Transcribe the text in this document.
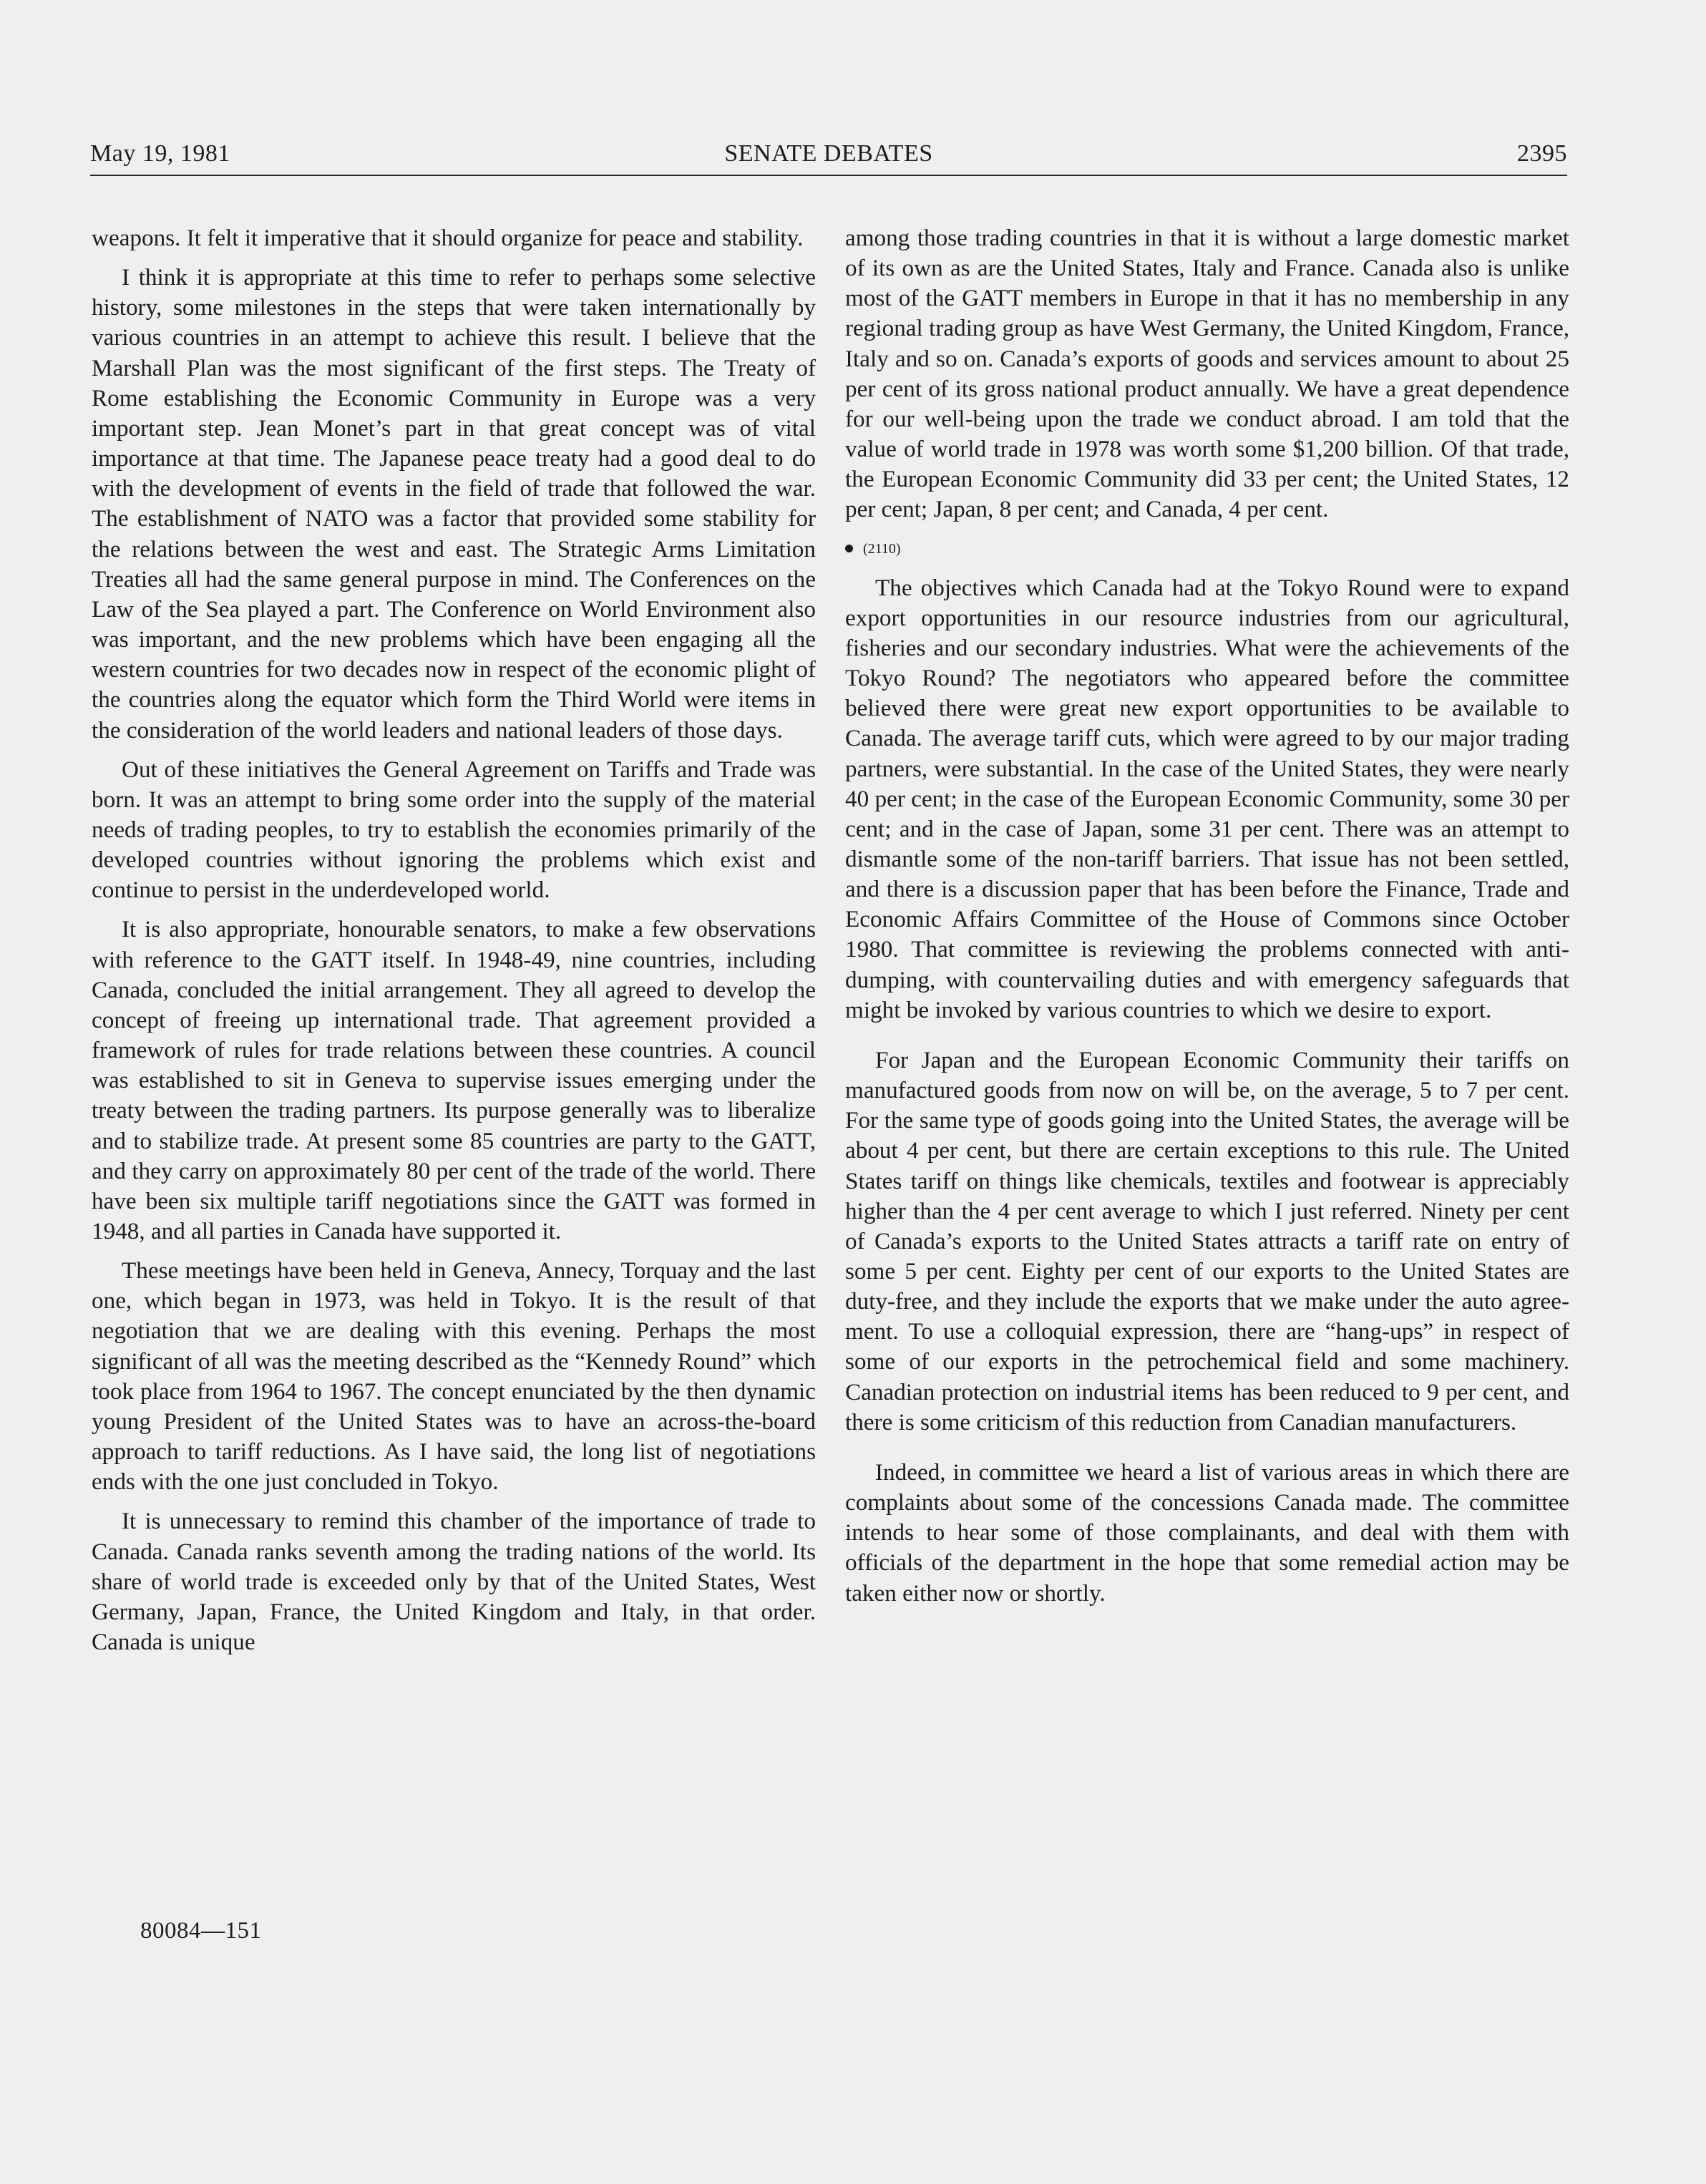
SENATE DEBATES
May 19, 1981	2395

weapons. It felt it imperative that it should organize for peace and stability.

I think it is appropriate at this time to refer to perhaps some selective history, some milestones in the steps that were taken internationally by various countries in an attempt to achieve this result. I believe that the Marshall Plan was the most significant of the first steps. The Treaty of Rome establishing the Economic Community in Europe was a very important step. Jean Monet’s part in that great concept was of vital importance at that time. The Japanese peace treaty had a good deal to do with the development of events in the field of trade that followed the war. The establishment of NATO was a factor that provided some stability for the relations between the west and east. The Strategic Arms Limitation Treaties all had the same general purpose in mind. The Conferences on the Law of the Sea played a part. The Conference on World Environment also was important, and the new problems which have been engaging all the western countries for two decades now in respect of the economic plight of the countries along the equator which form the Third World were items in the consideration of the world leaders and national leaders of those days.

Out of these initiatives the General Agreement on Tariffs and Trade was born. It was an attempt to bring some order into the supply of the material needs of trading peoples, to try to establish the economies primarily of the developed countries without ignoring the problems which exist and continue to persist in the underdeveloped world.

It is also appropriate, honourable senators, to make a few observations with reference to the GATT itself. In 1948-49, nine countries, including Canada, concluded the initial arrangement. They all agreed to develop the concept of freeing up international trade. That agreement provided a framework of rules for trade relations between these countries. A council was established to sit in Geneva to supervise issues emerging under the treaty between the trading partners. Its purpose generally was to liberalize and to stabilize trade. At present some 85 countries are party to the GATT, and they carry on approximately 80 per cent of the trade of the world. There have been six multiple tariff negotiations since the GATT was formed in 1948, and all parties in Canada have supported it.

These meetings have been held in Geneva, Annecy, Torquay and the last one, which began in 1973, was held in Tokyo. It is the result of that negotiation that we are dealing with this evening. Perhaps the most significant of all was the meeting described as the “Kennedy Round” which took place from 1964 to 1967. The concept enunciated by the then dynamic young President of the United States was to have an across-the-board approach to tariff reductions. As I have said, the long list of negotiations ends with the one just concluded in Tokyo.

It is unnecessary to remind this chamber of the importance of trade to Canada. Canada ranks seventh among the trading nations of the world. Its share of world trade is exceeded only by that of the United States, West Germany, Japan, France, the United Kingdom and Italy, in that order. Canada is unique

among those trading countries in that it is without a large domestic market of its own as are the United States, Italy and France. Canada also is unlike most of the GATT members in Europe in that it has no membership in any regional trading group as have West Germany, the United Kingdom, France, Italy and so on. Canada’s exports of goods and services amount to about 25 per cent of its gross national product annually. We have a great dependence for our well-being upon the trade we conduct abroad. I am told that the value of world trade in 1978 was worth some $1,200 billion. Of that trade, the European Economic Community did 33 per cent; the United States, 12 per cent; Japan, 8 per cent; and Canada, 4 per cent.

(2110)

The objectives which Canada had at the Tokyo Round were to expand export opportunities in our resource industries from our agricultural, fisheries and our secondary industries. What were the achievements of the Tokyo Round? The negotiators who appeared before the committee believed there were great new export opportunities to be available to Canada. The average tariff cuts, which were agreed to by our major trading partners, were substantial. In the case of the United States, they were nearly 40 per cent; in the case of the European Economic Community, some 30 per cent; and in the case of Japan, some 31 per cent. There was an attempt to dismantle some of the non-tariff barriers. That issue has not been settled, and there is a discussion paper that has been before the Finance, Trade and Economic Affairs Committee of the House of Commons since October 1980. That committee is reviewing the problems connected with anti-dumping, with countervailing duties and with emergency safeguards that might be invoked by various countries to which we desire to export.

For Japan and the European Economic Community their tariffs on manufactured goods from now on will be, on the average, 5 to 7 per cent. For the same type of goods going into the United States, the average will be about 4 per cent, but there are certain exceptions to this rule. The United States tariff on things like chemicals, textiles and footwear is appreciably higher than the 4 per cent average to which I just referred. Ninety per cent of Canada’s exports to the United States attracts a tariff rate on entry of some 5 per cent. Eighty per cent of our exports to the United States are duty-free, and they include the exports that we make under the auto agreement. To use a colloquial expression, there are “hang-ups” in respect of some of our exports in the petrochemical field and some machinery. Canadian protection on industrial items has been reduced to 9 per cent, and there is some criticism of this reduction from Canadian manufacturers.

Indeed, in committee we heard a list of various areas in which there are complaints about some of the concessions Canada made. The committee intends to hear some of those complainants, and deal with them with officials of the department in the hope that some remedial action may be taken either now or shortly.

80084—151
